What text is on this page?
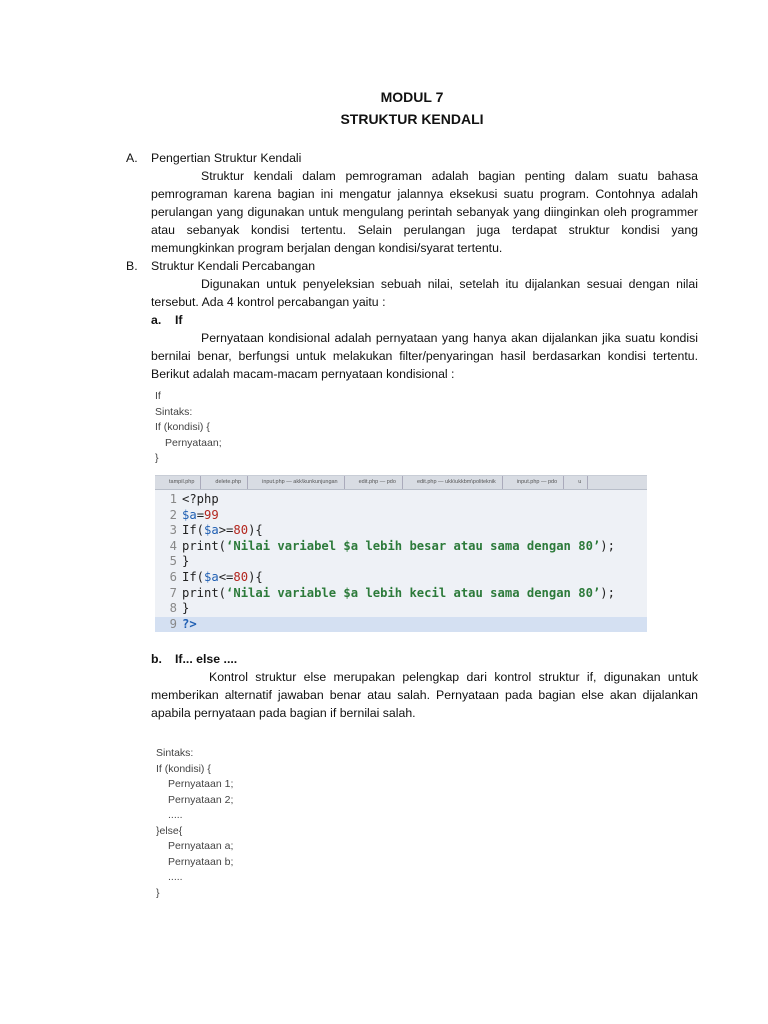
MODUL 7
STRUKTUR KENDALI
A.	Pengertian Struktur Kendali
Struktur kendali dalam pemrograman adalah bagian penting dalam suatu bahasa pemrograman karena bagian ini mengatur jalannya eksekusi suatu program. Contohnya adalah perulangan yang digunakan untuk mengulang perintah sebanyak yang diinginkan oleh programmer atau sebanyak kondisi tertentu. Selain perulangan juga terdapat struktur kondisi yang memungkinkan program berjalan dengan kondisi/syarat tertentu.
B.	Struktur Kendali Percabangan
Digunakan untuk penyeleksian sebuah nilai, setelah itu dijalankan sesuai dengan nilai tersebut. Ada 4 kontrol percabangan yaitu :
a.	If
Pernyataan kondisional adalah pernyataan yang hanya akan dijalankan jika suatu kondisi bernilai benar, berfungsi untuk melakukan filter/penyaringan hasil berdasarkan kondisi tertentu. Berikut adalah macam-macam pernyataan kondisional :
If
Sintaks:
If (kondisi) {
Pernyataan;
}
tampil.php	delete.php	input.php — akk\kunkunjungan	edit.php — pdo	edit.php — ukk\ukkbm\politeknik	input.php — pdo	u
1 <?php
2 $a=99
3 If($a>=80){
4 print(‘Nilai variabel $a lebih besar atau sama dengan 80’);
5 }
6 If($a<=80){
7 print(‘Nilai variable $a lebih kecil atau sama dengan 80’);
8 }
9 ?>
b.	If... else ....
Kontrol struktur else merupakan pelengkap dari kontrol struktur if, digunakan untuk memberikan alternatif jawaban benar atau salah. Pernyataan pada bagian else akan dijalankan apabila pernyataan pada bagian if bernilai salah.
Sintaks:
If (kondisi) {
Pernyataan 1;
Pernyataan 2;
.....
}else{
Pernyataan a;
Pernyataan b;
.....
}
